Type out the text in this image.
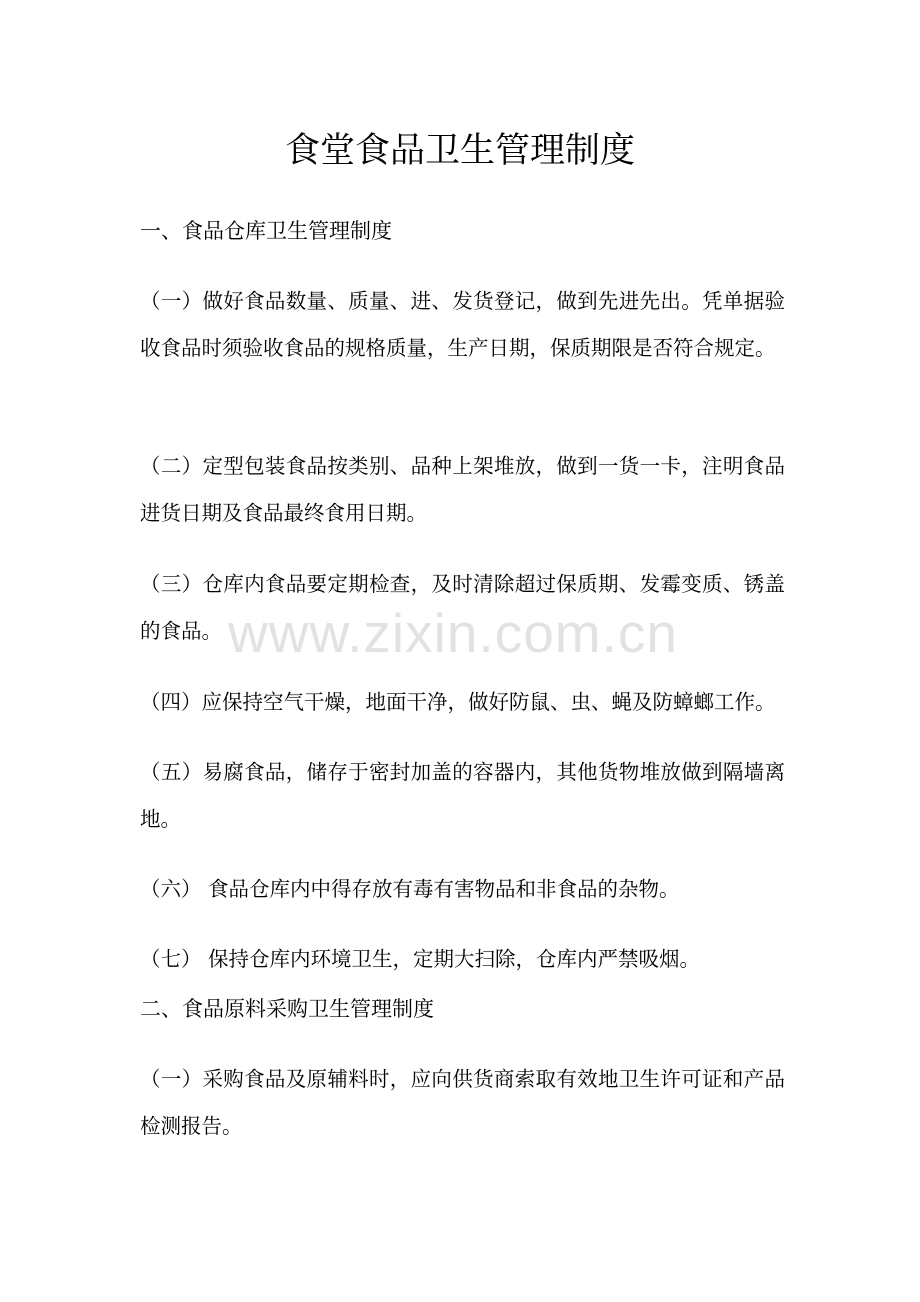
食堂食品卫生管理制度
一、食品仓库卫生管理制度

（一）做好食品数量、质量、进、发货登记，做到先进先出。凭单据验收食品时须验收食品的规格质量，生产日期，保质期限是否符合规定。

（二）定型包装食品按类别、品种上架堆放，做到一货一卡，注明食品进货日期及食品最终食用日期。

（三）仓库内食品要定期检查，及时清除超过保质期、发霉变质、锈盖的食品。

（四）应保持空气干燥，地面干净，做好防鼠、虫、蝇及防蟑螂工作。

（五）易腐食品，储存于密封加盖的容器内，其他货物堆放做到隔墙离地。

（六） 食品仓库内中得存放有毒有害物品和非食品的杂物。

（七） 保持仓库内环境卫生，定期大扫除，仓库内严禁吸烟。

二、食品原料采购卫生管理制度

（一）采购食品及原辅料时，应向供货商索取有效地卫生许可证和产品检测报告。

www.zixin.com.cn
